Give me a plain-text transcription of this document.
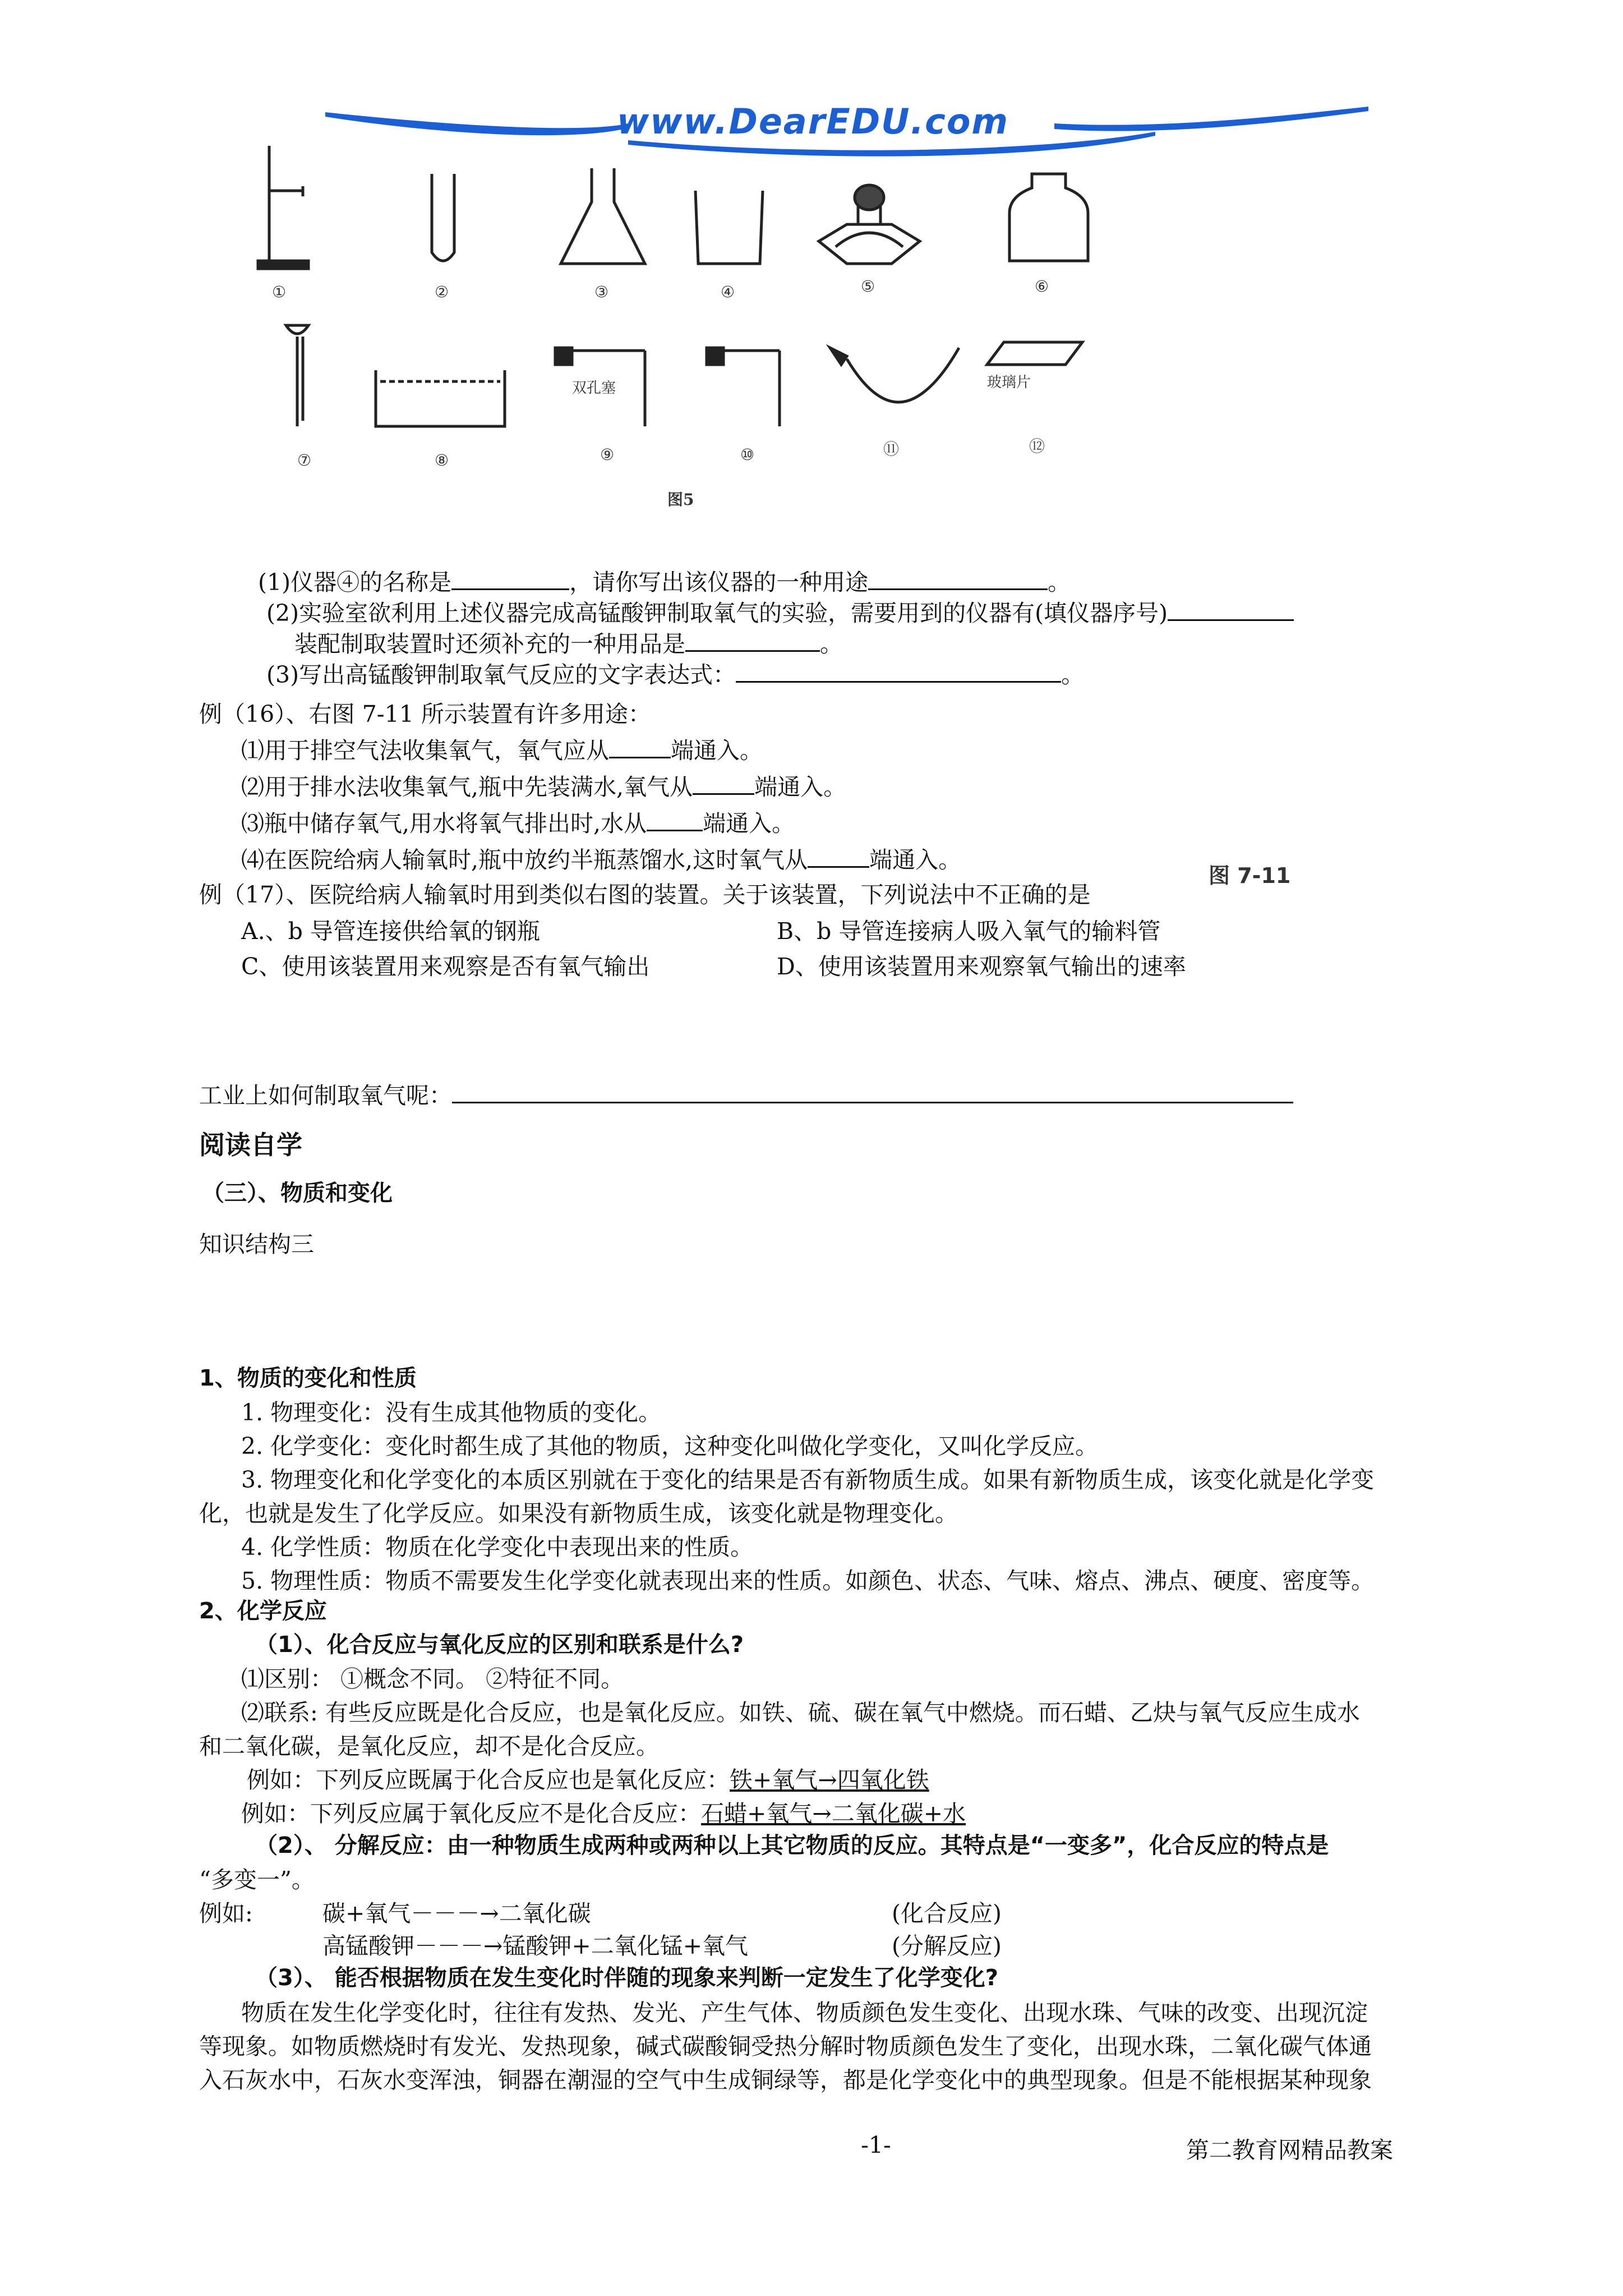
www.DearEDU.com
双孔塞	玻璃片
①	②	③	④	⑤	⑥
⑦	⑧	⑨	⑩	⑪	⑫
图5
(1)仪器④的名称是	，请你写出该仪器的一种用途	。
(2)实验室欲利用上述仪器完成高锰酸钾制取氧气的实验，需要用到的仪器有(填仪器序号)
装配制取装置时还须补充的一种用品是	。
(3)写出高锰酸钾制取氧气反应的文字表达式：	。
例（16）、右图 7-11 所示装置有许多用途：
⑴用于排空气法收集氧气，氧气应从	端通入。
⑵用于排水法收集氧气,瓶中先装满水,氧气从	端通入。
⑶瓶中储存氧气,用水将氧气排出时,水从 端通入。
⑷在医院给病人输氧时,瓶中放约半瓶蒸馏水,这时氧气从	端通入。
图 7-11
例（17）、医院给病人输氧时用到类似右图的装置。关于该装置，下列说法中不正确的是
A.、b 导管连接供给氧的钢瓶	B、b 导管连接病人吸入氧气的输料管
C、使用该装置用来观察是否有氧气输出	D、使用该装置用来观察氧气输出的速率
工业上如何制取氧气呢：
阅读自学
（三）、物质和变化
知识结构三
1、物质的变化和性质
1. 物理变化：没有生成其他物质的变化。
2. 化学变化：变化时都生成了其他的物质，这种变化叫做化学变化，又叫化学反应。
3. 物理变化和化学变化的本质区别就在于变化的结果是否有新物质生成。如果有新物质生成，该变化就是化学变
化，也就是发生了化学反应。如果没有新物质生成，该变化就是物理变化。
4. 化学性质：物质在化学变化中表现出来的性质。
5. 物理性质：物质不需要发生化学变化就表现出来的性质。如颜色、状态、气味、熔点、沸点、硬度、密度等。
2、化学反应
（1）、化合反应与氧化反应的区别和联系是什么?
⑴区别： ①概念不同。 ②特征不同。
⑵联系: 有些反应既是化合反应，也是氧化反应。如铁、硫、碳在氧气中燃烧。而石蜡、乙炔与氧气反应生成水
和二氧化碳，是氧化反应，却不是化合反应。
例如：下列反应既属于化合反应也是氧化反应：铁+氧气→四氧化铁
例如：下列反应属于氧化反应不是化合反应：石蜡+氧气→二氧化碳+水
（2）、 分解反应：由一种物质生成两种或两种以上其它物质的反应。其特点是“一变多”，化合反应的特点是
“多变一”。
例如:	碳+氧气－－－→二氧化碳	(化合反应)
高锰酸钾－－－→锰酸钾+二氧化锰+氧气	(分解反应)
（3）、 能否根据物质在发生变化时伴随的现象来判断一定发生了化学变化?
物质在发生化学变化时，往往有发热、发光、产生气体、物质颜色发生变化、出现水珠、气味的改变、出现沉淀
等现象。如物质燃烧时有发光、发热现象，碱式碳酸铜受热分解时物质颜色发生了变化，出现水珠，二氧化碳气体通
入石灰水中，石灰水变浑浊，铜器在潮湿的空气中生成铜绿等，都是化学变化中的典型现象。但是不能根据某种现象
-1-	第二教育网精品教案
